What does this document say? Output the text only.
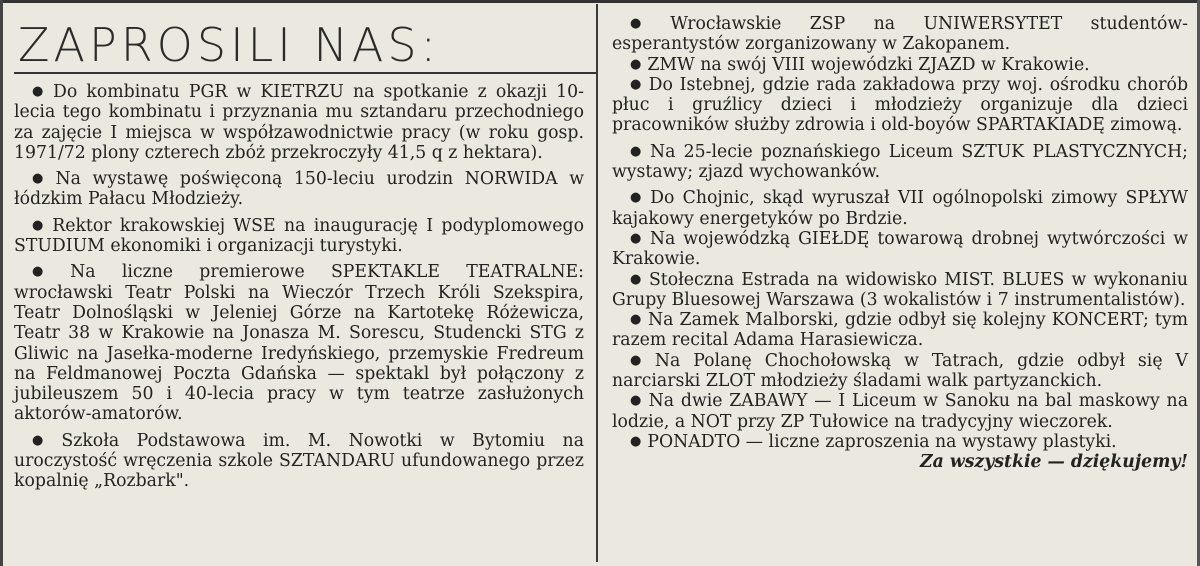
ZAPROSILI NAS:

● Do kombinatu PGR w KIETRZU na spotkanie z okazji 10-lecia tego kombinatu i przyznania mu sztandaru przechodniego za zajęcie I miejsca w współzawodnictwie pracy (w roku gosp. 1971/72 plony czterech zbóż przekroczyły 41,5 q z hektara).

● Na wystawę poświęconą 150-leciu urodzin NORWIDA w łódzkim Pałacu Młodzieży.

● Rektor krakowskiej WSE na inaugurację I podyplomowego STUDIUM ekonomiki i organizacji turystyki.

● Na liczne premierowe SPEKTAKLE TEATRALNE: wrocławski Teatr Polski na Wieczór Trzech Króli Szekspira, Teatr Dolnośląski w Jeleniej Górze na Kartotekę Różewicza, Teatr 38 w Krakowie na Jonasza M. Sorescu, Studencki STG z Gliwic na Jasełka-moderne Iredyńskiego, przemyskie Fredreum na Feldmanowej Poczta Gdańska — spektakl był połączony z jubileuszem 50 i 40-lecia pracy w tym teatrze zasłużonych aktorów-amatorów.

● Szkoła Podstawowa im. M. Nowotki w Bytomiu na uroczystość wręczenia szkole SZTANDARU ufundowanego przez kopalnię „Rozbark".

● Wrocławskie ZSP na UNIWERSYTET studentów-esperantystów zorganizowany w Zakopanem.

● ZMW na swój VIII wojewódzki ZJAZD w Krakowie.

● Do Istebnej, gdzie rada zakładowa przy woj. ośrodku chorób płuc i gruźlicy dzieci i młodzieży organizuje dla dzieci pracowników służby zdrowia i old-boyów SPARTAKIADĘ zimową.

● Na 25-lecie poznańskiego Liceum SZTUK PLASTYCZNYCH; wystawy; zjazd wychowanków.

● Do Chojnic, skąd wyruszał VII ogólnopolski zimowy SPŁYW kajakowy energetyków po Brdzie.

● Na wojewódzką GIEŁDĘ towarową drobnej wytwórczości w Krakowie.

● Stołeczna Estrada na widowisko MIST. BLUES w wykonaniu Grupy Bluesowej Warszawa (3 wokalistów i 7 instrumentalistów).

● Na Zamek Malborski, gdzie odbył się kolejny KONCERT; tym razem recital Adama Harasiewicza.

● Na Polanę Chochołowską w Tatrach, gdzie odbył się V narciarski ZLOT młodzieży śladami walk partyzanckich.

● Na dwie ZABAWY — I Liceum w Sanoku na bal maskowy na lodzie, a NOT przy ZP Tułowice na tradycyjny wieczorek.

● PONADTO — liczne zaproszenia na wystawy plastyki.

Za wszystkie — dziękujemy!
